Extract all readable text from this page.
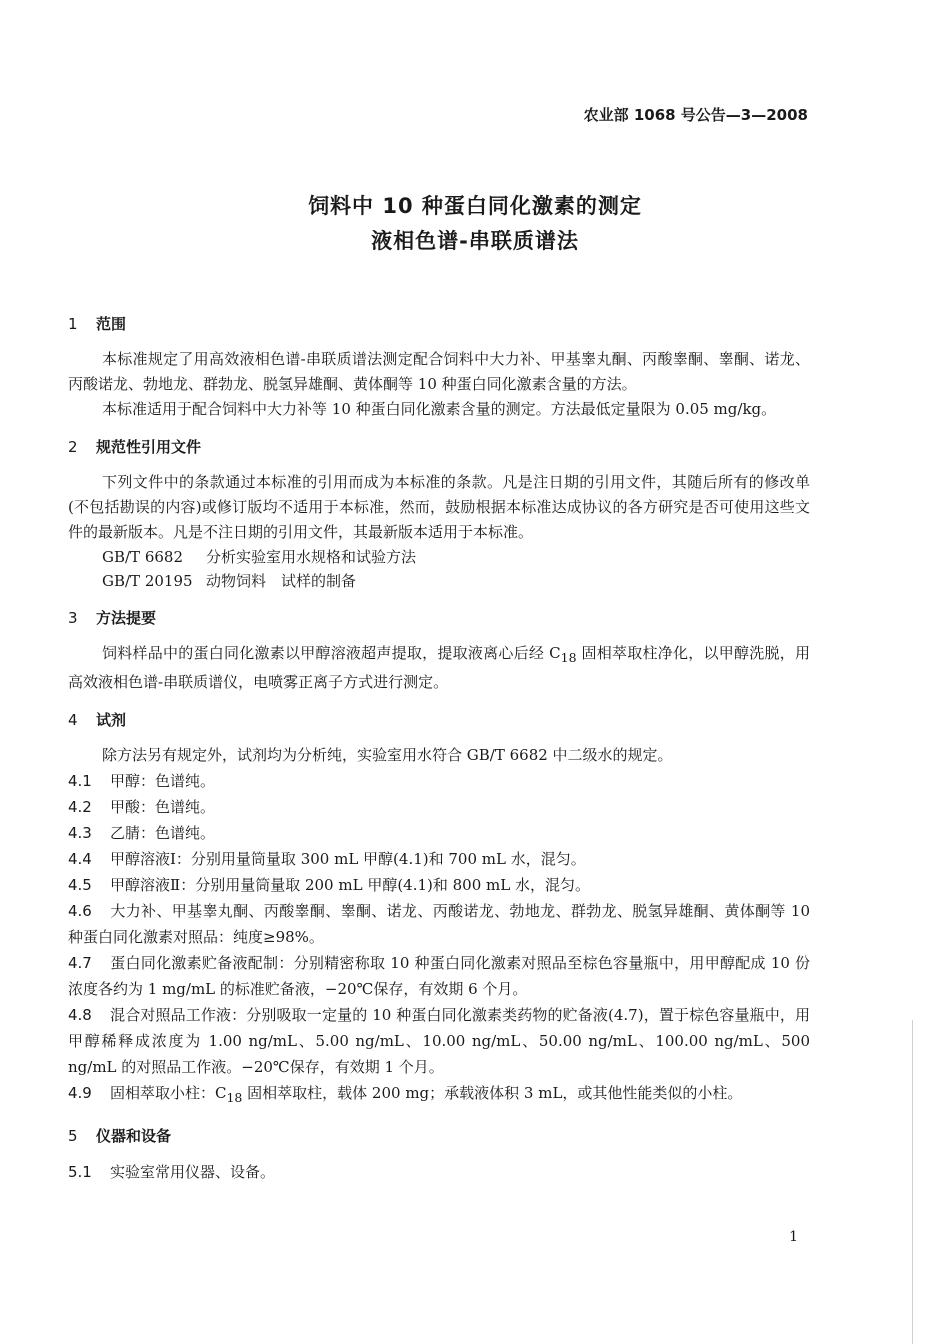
农业部 1068 号公告—3—2008
饲料中 10 种蛋白同化激素的测定
液相色谱-串联质谱法

1 范围

本标准规定了用高效液相色谱-串联质谱法测定配合饲料中大力补、甲基睾丸酮、丙酸睾酮、睾酮、诺龙、丙酸诺龙、勃地龙、群勃龙、脱氢异雄酮、黄体酮等 10 种蛋白同化激素含量的方法。

本标准适用于配合饲料中大力补等 10 种蛋白同化激素含量的测定。方法最低定量限为 0.05 mg/kg。

2 规范性引用文件

下列文件中的条款通过本标准的引用而成为本标准的条款。凡是注日期的引用文件，其随后所有的修改单(不包括勘误的内容)或修订版均不适用于本标准，然而，鼓励根据本标准达成协议的各方研究是否可使用这些文件的最新版本。凡是不注日期的引用文件，其最新版本适用于本标准。

GB/T 6682 分析实验室用水规格和试验方法

GB/T 20195 动物饲料　试样的制备

3 方法提要

饲料样品中的蛋白同化激素以甲醇溶液超声提取，提取液离心后经 $C_{18}$ 固相萃取柱净化，以甲醇洗脱，用高效液相色谱-串联质谱仪，电喷雾正离子方式进行测定。

4 试剂

除方法另有规定外，试剂均为分析纯，实验室用水符合 GB/T 6682 中二级水的规定。

4.1 甲醇：色谱纯。

4.2 甲酸：色谱纯。

4.3 乙腈：色谱纯。

4.4 甲醇溶液Ⅰ：分别用量筒量取 300 mL 甲醇(4.1)和 700 mL 水，混匀。

4.5 甲醇溶液Ⅱ：分别用量筒量取 200 mL 甲醇(4.1)和 800 mL 水，混匀。

4.6 大力补、甲基睾丸酮、丙酸睾酮、睾酮、诺龙、丙酸诺龙、勃地龙、群勃龙、脱氢异雄酮、黄体酮等 10 种蛋白同化激素对照品：纯度≥98%。

4.7 蛋白同化激素贮备液配制：分别精密称取 10 种蛋白同化激素对照品至棕色容量瓶中，用甲醇配成 10 份浓度各约为 1 mg/mL 的标准贮备液，−20℃保存，有效期 6 个月。

4.8 混合对照品工作液：分别吸取一定量的 10 种蛋白同化激素类药物的贮备液(4.7)，置于棕色容量瓶中，用甲醇稀释成浓度为 1.00 ng/mL、5.00 ng/mL、10.00 ng/mL、50.00 ng/mL、100.00 ng/mL、500 ng/mL 的对照品工作液。−20℃保存，有效期 1 个月。

4.9 固相萃取小柱：$C_{18}$ 固相萃取柱，载体 200 mg；承载液体积 3 mL，或其他性能类似的小柱。

5 仪器和设备

5.1 实验室常用仪器、设备。

1
